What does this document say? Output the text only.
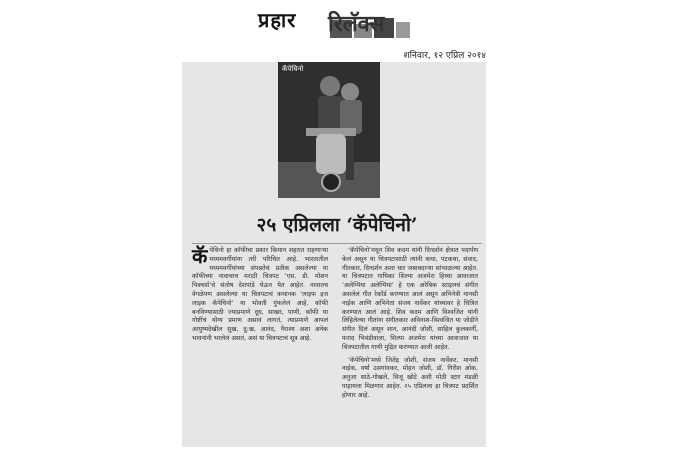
प्रहार रिलॅक्स
शनिवार, १२ एप्रिल २०१४
कॅपेचिनो
२५ एप्रिलला ‘कॅपेचिनो’
कॅ पेचिनो हा कॉफीचा प्रकार किमान शहरात राहणाऱ्या मध्यमवर्गीयांना तरी परिचित आहे. भारतातील मध्यमवर्गीयांच्या संपन्नतेचं प्रतीक असलेल्या या कॉफीच्या नावाचाच मराठी चित्रपट ‘एस. डी. मोशन पिक्चर्स’चे संतोष देशपांडे घेऊन येत आहेत. नावातच वेगळेपण असलेल्या या चित्रपटाचं कथानक ‘लाइफ इज लाइक कॅपेचिनो’ या भोवती गुंफलेलं आहे. कॉफी बनविण्यासाठी ज्याप्रमाणे दूध, साखर, पाणी, कॉफी या गोष्टींचं योग्य प्रमाण असावं लागतं, त्याप्रमाणे आपलं आयुष्यदेखील सुख, दु:ख, आनंद, नैराश्य अशा अनेक भावनांनी भरलेलं असतं, असं या चित्रपटाचं सूत्र आहे.

‘कॅपेचिनो’मधून शिव कदम यांनी दिग्दर्शन क्षेत्रात पदार्पण केलं असून या चित्रपटासाठी त्यांनी कथा, पटकथा, संवाद, गीतकार, दिग्दर्शन अशा चार जबाबदाऱ्या सांभाळल्या आहेत. या चित्रपटात गायिका शिल्पा अजमेरा हिच्या आवाजात ‘अलेप्पिया अलेप्पिया’ हे एक अरेबिक स्टाइलचं संगीत असलेलं गीत रेकॉर्ड करण्यात आलं असून अभिनेत्री मानसी नाईक आणि अभिनेता संजय नार्वेकर यांच्यावर हे चित्रित करण्यात आलं आहे. शिव कदम आणि विश्वजित यांनी लिहिलेल्या गीतांना संगीतकार अविनाश-विश्वजित या जोडीने संगीत दिलं असून शान, आनंदी जोशी, साहिल कुलकर्णी, फराद भिवंडीवाला, शिल्पा अजमेरा यांच्या आवाजात या चित्रपटातील गाणी मुद्रित करण्यात आली आहेत.

‘कॅपेचिनो’मध्ये जितेंद्र जोशी, संजय नार्वेकर, मानसी नाईक, वर्षा उसगांवकर, मोहन जोशी, डॉ. गिरीश ओक, अनुजा साठे-गोखले, विजू खोटे अशी मोठी स्टार मंडळी पाहायला मिळणार आहेत. २५ एप्रिलला हा चित्रपट प्रदर्शित होणार आहे.
